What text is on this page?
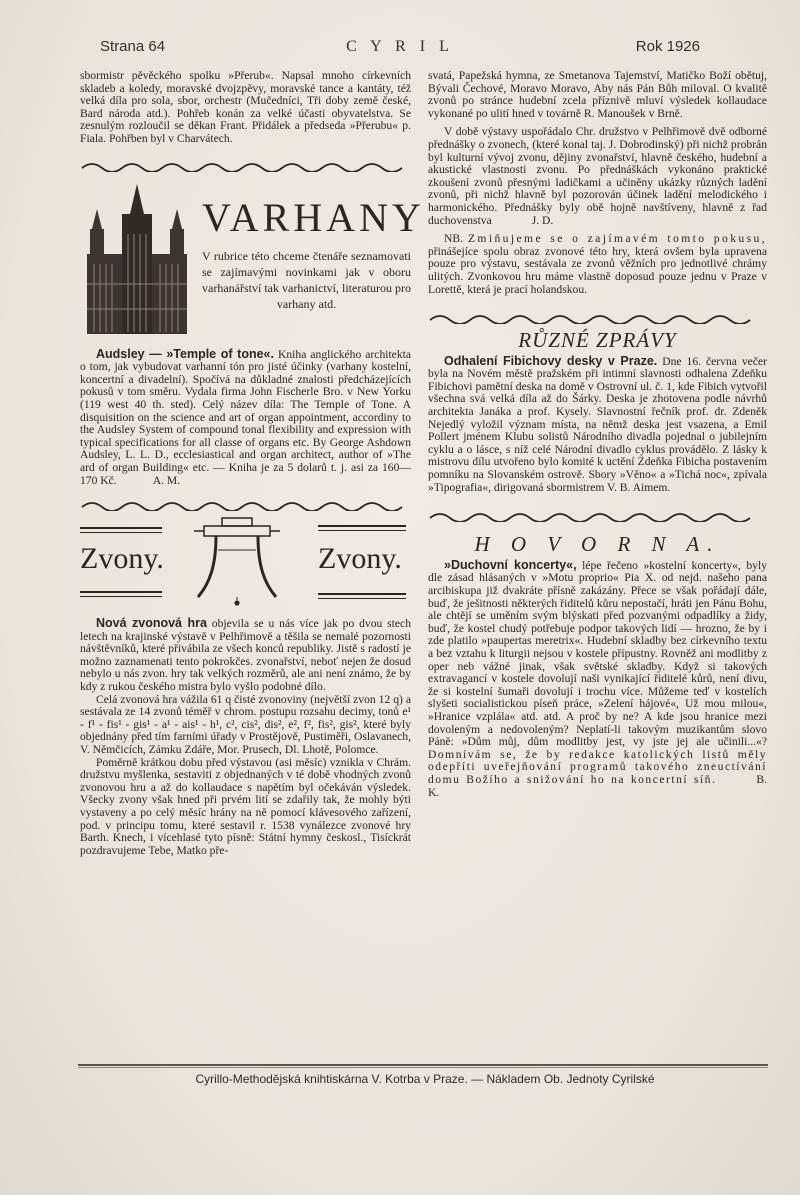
Strana 64	C Y R I L	Rok 1926

sbormistr pěvěckého spolku »Přerub«. Napsal mnoho církevních skladeb a koledy, moravské dvojzpěvy, moravské tance a kantáty, též velká díla pro sola, sbor, orchestr (Mučedníci, Tři doby země české, Bard národa atd.). Pohřeb konán za velké účasti obyvatelstva. Se zesnulým rozloučil se děkan Frant. Přidálek a předseda »Přerubu« p. Fiala. Pohřben byl v Charvátech.

VARHANY

V rubrice této chceme čtenáře seznamovati se zajímavými novinkami jak v oboru varhanářství tak varhanictví, literaturou pro varhany atd.

Audsley — »Temple of tone«. Kniha anglického architekta o tom, jak vybudovat varhanní tón pro jisté účinky (varhany kostelní, koncertní a divadelní). Spočívá na důkladné znalosti předcházejících pokusů v tom směru. Vydala firma John Fischerle Bro. v New Yorku (119 west 40 th. sted). Celý název díla: The Temple of Tone. A disquisition on the science and art of organ appointment, accordiny to the Audsley System of compound tonal flexibility and expression with typical specifications for all classe of organs etc. By George Ashdown Audsley, L. L. D., ecclesiastical and organ architect, author of »The ard of organ Building« etc. — Kniha je za 5 dolarů t. j. asi za 160—170 Kč.	A. M.

Zvony.	Zvony.

Nová zvonová hra objevila se u nás více jak po dvou stech letech na krajinské výstavě v Pelhřimově a těšila se nemalé pozornosti návštěvníků, které přivábila ze všech konců republiky. Jistě s radostí je možno zaznamenati tento pokrokčes. zvonařství, neboť nejen že dosud nebylo u nás zvon. hry tak velkých rozměrů, ale ani není známo, že by kdy z rukou českého mistra bylo vyšlo podobné dílo.

Celá zvonová hra vážila 61 q čisté zvonoviny (největší zvon 12 q) a sestávala ze 14 zvonů téměř v chrom. postupu rozsahu decimy, tonů e¹ - f¹ - fis¹ - gis¹ - a¹ - ais¹ - h¹, c², cis², dis², e², f², fis², gis², které byly objednány před tím farními úřady v Prostějově, Pustiměři, Oslavanech, V. Němčicích, Zámku Zdáře, Mor. Prusech, Dl. Lhotě, Polomce.

Poměrně krátkou dobu před výstavou (asi měsíc) vznikla v Chrám. družstvu myšlenka, sestaviti z objednaných v té době vhodných zvonů zvonovou hru a až do kollaudace s napětím byl očekáván výsledek. Všecky zvony však hned při prvém lití se zdařily tak, že mohly býti vystaveny a po celý měsíc hrány na ně pomocí klávesového zařízení, pod. v principu tomu, které sestavil r. 1538 vynálezce zvonové hry Barth. Knech, i vícehlasé tyto písně: Státní hymny českosl., Tisíckrát pozdravujeme Tebe, Matko pře-

svatá, Papežská hymna, ze Smetanova Tajemství, Matičko Boží obětuj, Bývali Čechové, Moravo Moravo, Aby nás Pán Bůh miloval. O kvalitě zvonů po stránce hudební zcela příznivě mluví výsledek kollaudace vykonané po ulití hned v továrně R. Manoušek v Brně.

V době výstavy uspořádalo Chr. družstvo v Pelhřimově dvě odborné přednášky o zvonech, (které konal taj. J. Dobrodinský) při nichž probrán byl kulturní vývoj zvonu, dějiny zvonařství, hlavně českého, hudební a akustické vlastnosti zvonu. Po přednáškách vykonáno praktické zkoušení zvonů přesnými ladičkami a učiněny ukázky různých ladění zvonů, při nichž hlavně byl pozorován účinek ladění melodického i harmonického. Přednášky byly obě hojně navštíveny, hlavně z řad duchovenstva	J. D.

NB. Zmiňujeme se o zajímavém tomto pokusu, přinášejíce spolu obraz zvonové této hry, která ovšem byla upravena pouze pro výstavu, sestávala ze zvonů věžních pro jednotlivé chrámy ulitých. Zvonkovou hru máme vlastně doposud pouze jednu v Praze v Lorettě, která je prací holandskou.

RŮZNÉ ZPRÁVY

Odhalení Fibichovy desky v Praze. Dne 16. června večer byla na Novém městě pražském při intimní slavnosti odhalena Zdeňku Fibichovi pamětní deska na domě v Ostrovní ul. č. 1, kde Fibich vytvořil všechna svá velká díla až do Šárky. Deska je zhotovena podle návrhů architekta Janáka a prof. Kysely. Slavnostní řečník prof. dr. Zdeněk Nejedlý vyložil význam místa, na němž deska jest vsazena, a Emil Pollert jménem Klubu solistů Národního divadla pojednal o jubilejním cyklu a o lásce, s níž celé Národní divadlo cyklus provádělo. Z lásky k mistrovu dílu utvořeno bylo komité k uctění Zdeňka Fibicha postavením pomníku na Slovanském ostrově. Sbory »Věno« a »Tichá noc«, zpívala »Tipografia«, dirigovaná sbormistrem V. B. Aimem.

H O V O R N A.

»Duchovní koncerty«, lépe řečeno »kostelní koncerty«, byly dle zásad hlásaných v »Motu proprio« Pia X. od nejd. našeho pana arcibiskupa již dvakráte přísně zakázány. Přece se však pořádají dále, buď, že ješitnosti některých řiditelů kůru nepostačí, hráti jen Pánu Bohu, ale chtějí se uměním svým blýskati před pozvanými odpadlíky a židy, buď, že kostel chudý potřebuje podpor takových lidí — hrozno, že by i zde platilo »paupertas meretrix«. Hudební skladby bez církevního textu a bez vztahu k liturgii nejsou v kostele přípustny. Rovněž ani modlitby z oper neb vážné jinak, však světské skladby. Když si takových extravagancí v kostele dovolují naši vynikající řiditelé kůrů, není divu, že si kostelní šumaři dovolují i trochu více. Můžeme teď v kostelích slyšeti socialistickou píseň práce, »Zelení hájové«, Už mou milou«, »Hranice vzplála« atd. atd. A proč by ne? A kde jsou hranice mezi dovoleným a nedovoleným? Neplatí-li takovým muzikantům slovo Páně: »Dům můj, dům modlitby jest, vy jste jej ale učinili...«? Domnívám se, že by redakce katolických listů měly odepříti uveřejňování programů takového zneuctívání domu Božího a snižování ho na koncertní síň.	B. K.

Cyrillo-Methodějská knihtiskárna V. Kotrba v Praze. — Nákladem Ob. Jednoty Cyrilské
